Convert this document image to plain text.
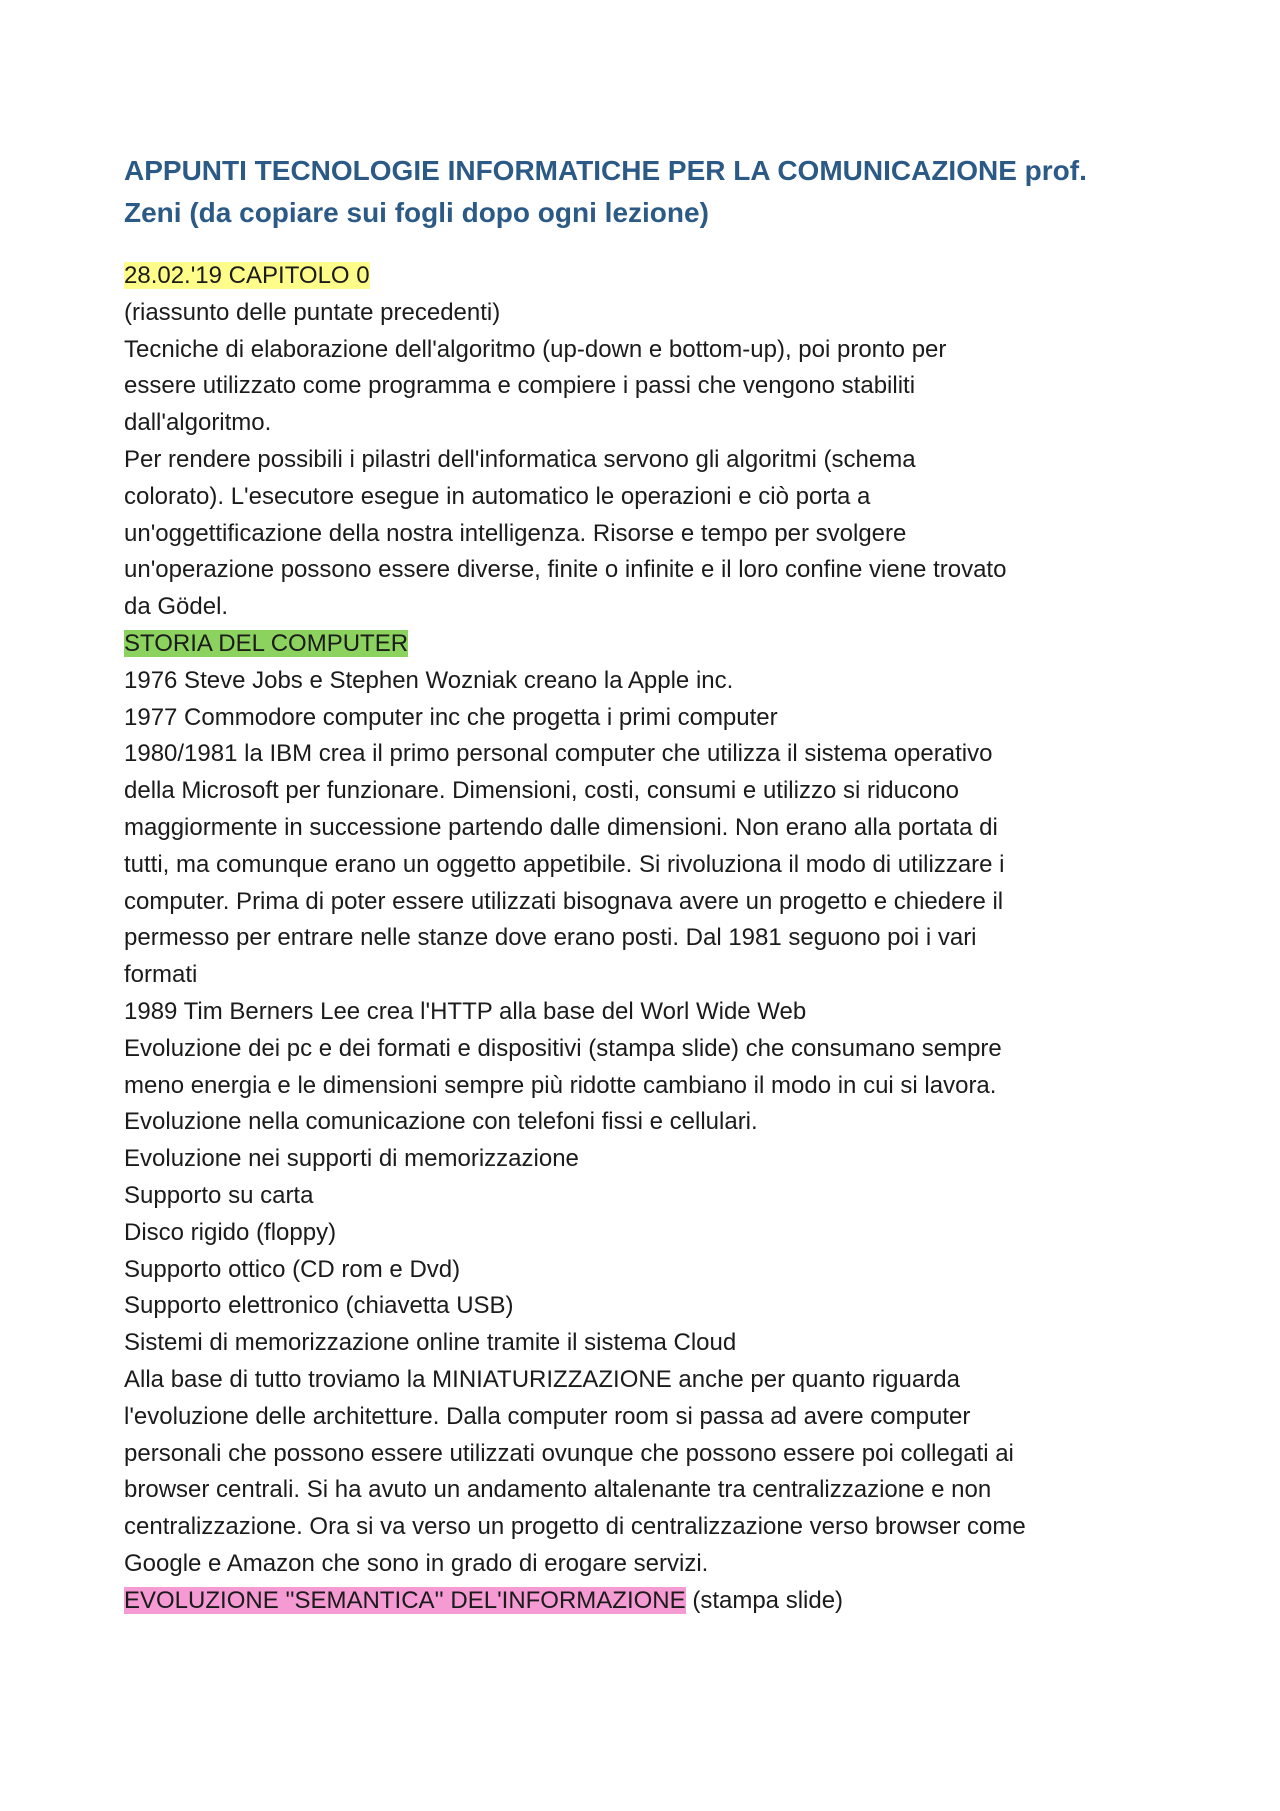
APPUNTI TECNOLOGIE INFORMATICHE PER LA COMUNICAZIONE prof.
Zeni (da copiare sui fogli dopo ogni lezione)
28.02.'19 CAPITOLO 0
(riassunto delle puntate precedenti)
Tecniche di elaborazione dell'algoritmo (up-down e bottom-up), poi pronto per
essere utilizzato come programma e compiere i passi che vengono stabiliti
dall'algoritmo.
Per rendere possibili i pilastri dell'informatica servono gli algoritmi (schema
colorato). L'esecutore esegue in automatico le operazioni e ciò porta a
un'oggettificazione della nostra intelligenza. Risorse e tempo per svolgere
un'operazione possono essere diverse, finite o infinite e il loro confine viene trovato
da Gödel.
STORIA DEL COMPUTER
1976 Steve Jobs e Stephen Wozniak creano la Apple inc.
1977 Commodore computer inc che progetta i primi computer
1980/1981 la IBM crea il primo personal computer che utilizza il sistema operativo
della Microsoft per funzionare. Dimensioni, costi, consumi e utilizzo si riducono
maggiormente in successione partendo dalle dimensioni. Non erano alla portata di
tutti, ma comunque erano un oggetto appetibile. Si rivoluziona il modo di utilizzare i
computer. Prima di poter essere utilizzati bisognava avere un progetto e chiedere il
permesso per entrare nelle stanze dove erano posti. Dal 1981 seguono poi i vari
formati
1989 Tim Berners Lee crea l'HTTP alla base del Worl Wide Web
Evoluzione dei pc e dei formati e dispositivi (stampa slide) che consumano sempre
meno energia e le dimensioni sempre più ridotte cambiano il modo in cui si lavora.
Evoluzione nella comunicazione con telefoni fissi e cellulari.
Evoluzione nei supporti di memorizzazione
Supporto su carta
Disco rigido (floppy)
Supporto ottico (CD rom e Dvd)
Supporto elettronico (chiavetta USB)
Sistemi di memorizzazione online tramite il sistema Cloud
Alla base di tutto troviamo la MINIATURIZZAZIONE anche per quanto riguarda
l'evoluzione delle architetture. Dalla computer room si passa ad avere computer
personali che possono essere utilizzati ovunque che possono essere poi collegati ai
browser centrali. Si ha avuto un andamento altalenante tra centralizzazione e non
centralizzazione. Ora si va verso un progetto di centralizzazione verso browser come
Google e Amazon che sono in grado di erogare servizi.
EVOLUZIONE ''SEMANTICA'' DEL'INFORMAZIONE (stampa slide)
